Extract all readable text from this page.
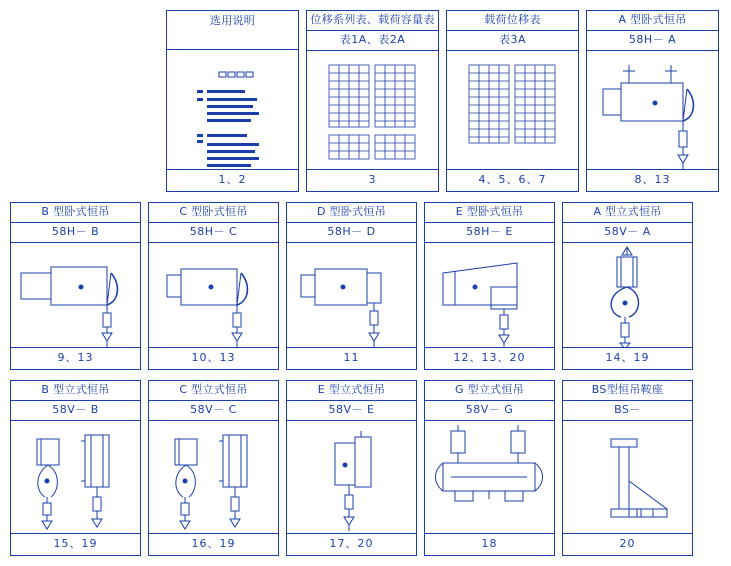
选用说明
1、2
位移系列表、载荷容量表
表1A、表2A
3
载荷位移表
表3A
4、5、6、7
A 型卧式恒吊
58H－ A
8、13
B 型卧式恒吊
58H－ B
9、13
C 型卧式恒吊
58H－ C
10、13
D 型卧式恒吊
58H－ D
11
E 型卧式恒吊
58H－ E
12、13、20
A 型立式恒吊
58V－ A
14、19
B 型立式恒吊
58V－ B
15、19
C 型立式恒吊
58V－ C
16、19
E 型立式恒吊
58V－ E
17、20
G 型立式恒吊
58V－ G
18
BS型恒吊鞍座
BS－
20
